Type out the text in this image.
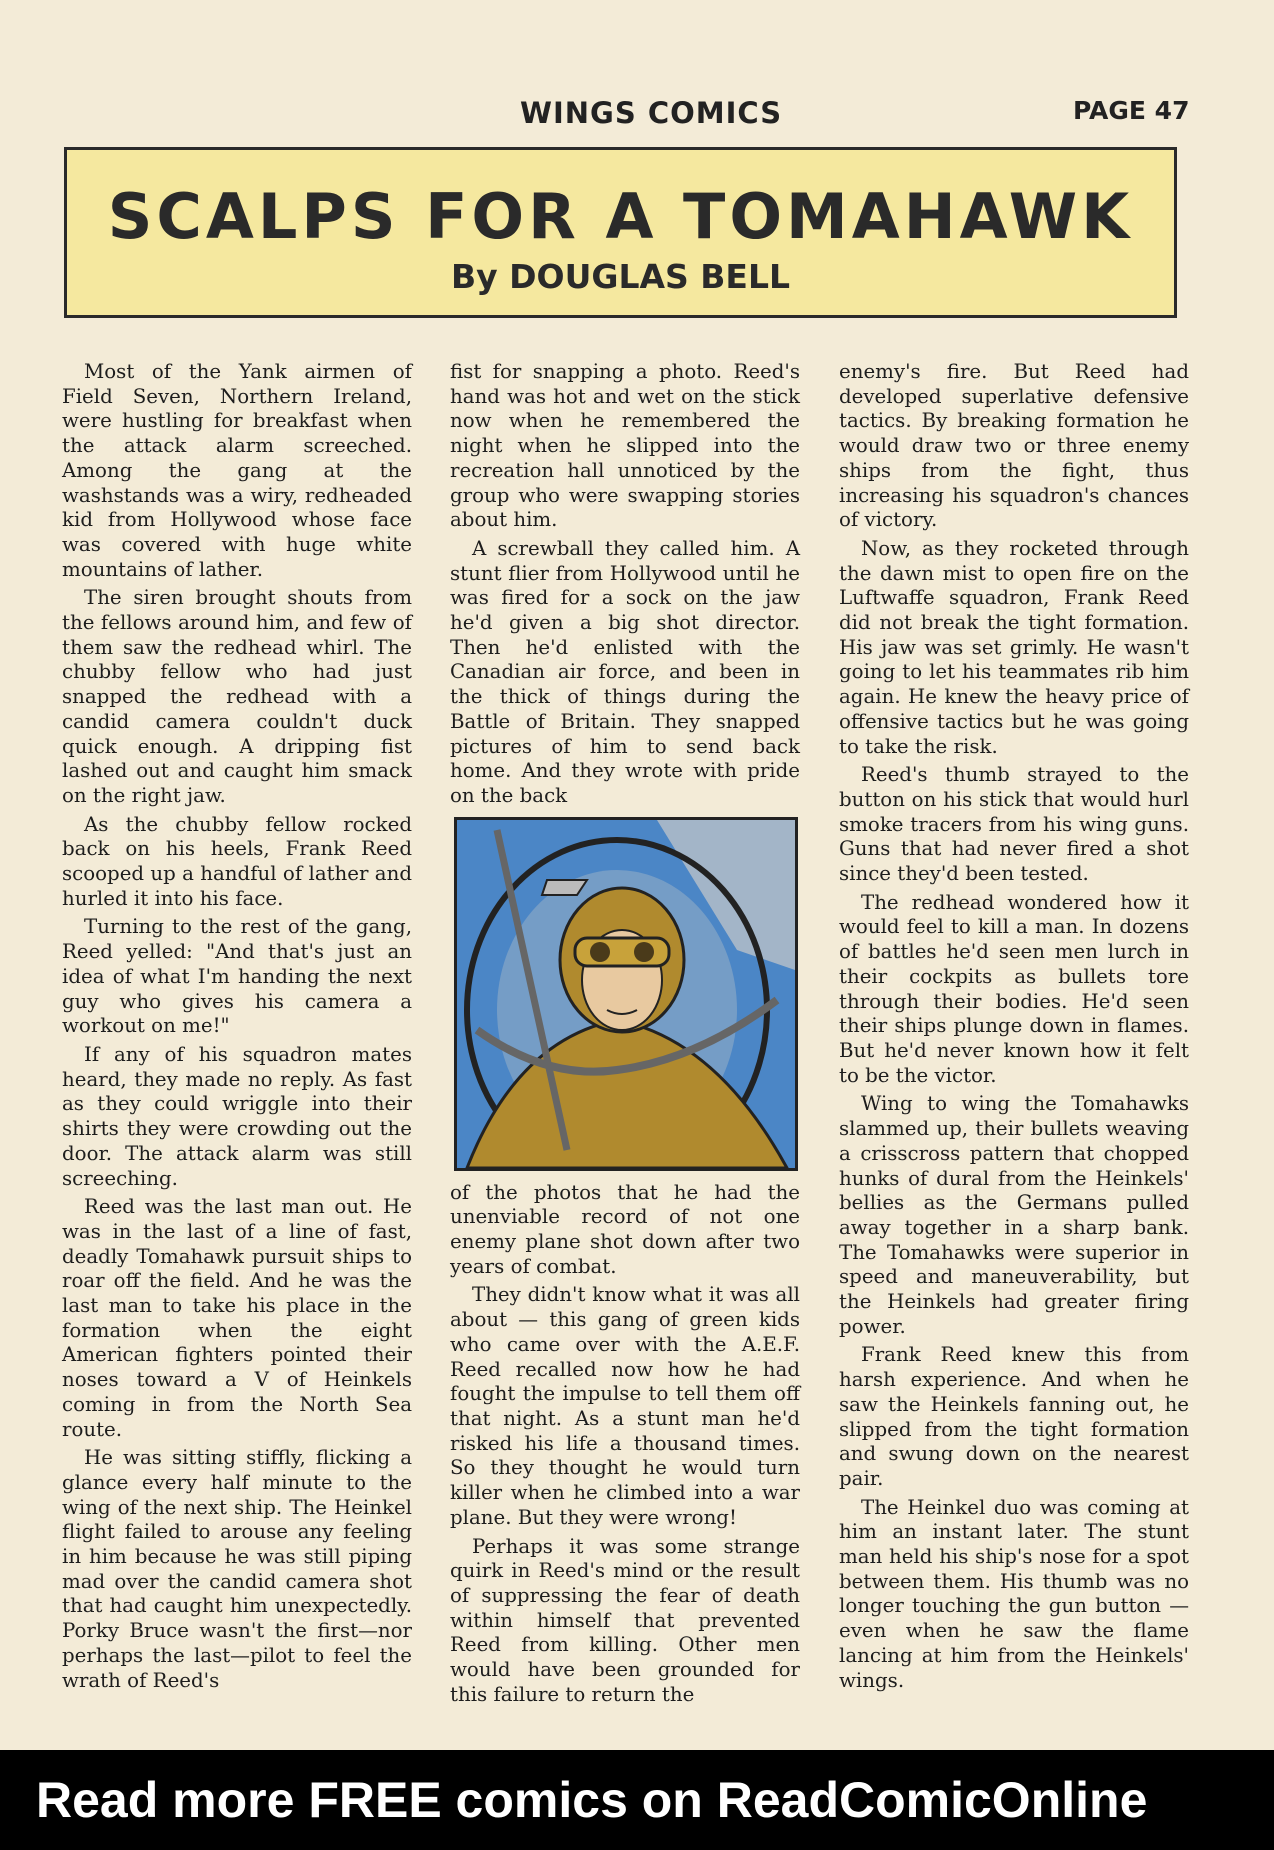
WINGS COMICS	PAGE 47
SCALPS FOR A TOMAHAWK
By DOUGLAS BELL

Most of the Yank airmen of Field Seven, Northern Ireland, were hustling for breakfast when the attack alarm screeched. Among the gang at the washstands was a wiry, redheaded kid from Hollywood whose face was covered with huge white mountains of lather.

The siren brought shouts from the fellows around him, and few of them saw the redhead whirl. The chubby fellow who had just snapped the redhead with a candid camera couldn't duck quick enough. A dripping fist lashed out and caught him smack on the right jaw.

As the chubby fellow rocked back on his heels, Frank Reed scooped up a handful of lather and hurled it into his face.

Turning to the rest of the gang, Reed yelled: "And that's just an idea of what I'm handing the next guy who gives his camera a workout on me!"

If any of his squadron mates heard, they made no reply. As fast as they could wriggle into their shirts they were crowding out the door. The attack alarm was still screeching.

Reed was the last man out. He was in the last of a line of fast, deadly Tomahawk pursuit ships to roar off the field. And he was the last man to take his place in the formation when the eight American fighters pointed their noses toward a V of Heinkels coming in from the North Sea route.

He was sitting stiffly, flicking a glance every half minute to the wing of the next ship. The Heinkel flight failed to arouse any feeling in him because he was still piping mad over the candid camera shot that had caught him unexpectedly. Porky Bruce wasn't the first—nor perhaps the last—pilot to feel the wrath of Reed's

fist for snapping a photo. Reed's hand was hot and wet on the stick now when he remembered the night when he slipped into the recreation hall unnoticed by the group who were swapping stories about him.

A screwball they called him. A stunt flier from Hollywood until he was fired for a sock on the jaw he'd given a big shot director. Then he'd enlisted with the Canadian air force, and been in the thick of things during the Battle of Britain. They snapped pictures of him to send back home. And they wrote with pride on the back

of the photos that he had the unenviable record of not one enemy plane shot down after two years of combat.

They didn't know what it was all about — this gang of green kids who came over with the A.E.F. Reed recalled now how he had fought the impulse to tell them off that night. As a stunt man he'd risked his life a thousand times. So they thought he would turn killer when he climbed into a war plane. But they were wrong!

Perhaps it was some strange quirk in Reed's mind or the result of suppressing the fear of death within himself that prevented Reed from killing. Other men would have been grounded for this failure to return the

enemy's fire. But Reed had developed superlative defensive tactics. By breaking formation he would draw two or three enemy ships from the fight, thus increasing his squadron's chances of victory.

Now, as they rocketed through the dawn mist to open fire on the Luftwaffe squadron, Frank Reed did not break the tight formation. His jaw was set grimly. He wasn't going to let his teammates rib him again. He knew the heavy price of offensive tactics but he was going to take the risk.

Reed's thumb strayed to the button on his stick that would hurl smoke tracers from his wing guns. Guns that had never fired a shot since they'd been tested.

The redhead wondered how it would feel to kill a man. In dozens of battles he'd seen men lurch in their cockpits as bullets tore through their bodies. He'd seen their ships plunge down in flames. But he'd never known how it felt to be the victor.

Wing to wing the Tomahawks slammed up, their bullets weaving a crisscross pattern that chopped hunks of dural from the Heinkels' bellies as the Germans pulled away together in a sharp bank. The Tomahawks were superior in speed and maneuverability, but the Heinkels had greater firing power.

Frank Reed knew this from harsh experience. And when he saw the Heinkels fanning out, he slipped from the tight formation and swung down on the nearest pair.

The Heinkel duo was coming at him an instant later. The stunt man held his ship's nose for a spot between them. His thumb was no longer touching the gun button — even when he saw the flame lancing at him from the Heinkels' wings.

Read more FREE comics on ReadComicOnline
